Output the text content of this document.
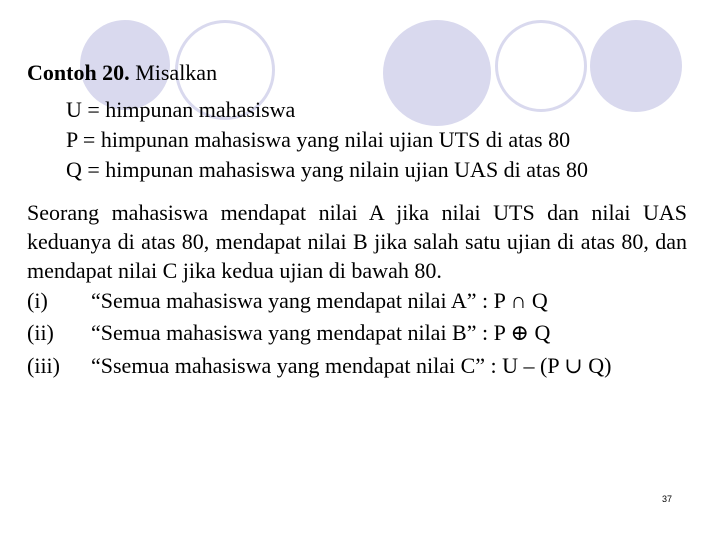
Contoh 20. Misalkan
U = himpunan mahasiswa
P = himpunan mahasiswa yang nilai ujian UTS di atas 80
Q = himpunan mahasiswa yang nilain ujian UAS di atas 80
Seorang mahasiswa mendapat nilai A jika nilai UTS dan nilai UAS keduanya di atas 80, mendapat nilai B jika salah satu ujian di atas 80, dan mendapat nilai C jika kedua ujian di bawah 80.
(i) “Semua mahasiswa yang mendapat nilai A” : P ∩ Q
(ii) “Semua mahasiswa yang mendapat nilai B” : P ⊕ Q
(iii) “Ssemua mahasiswa yang mendapat nilai C” : U – (P ∪ Q)
37
